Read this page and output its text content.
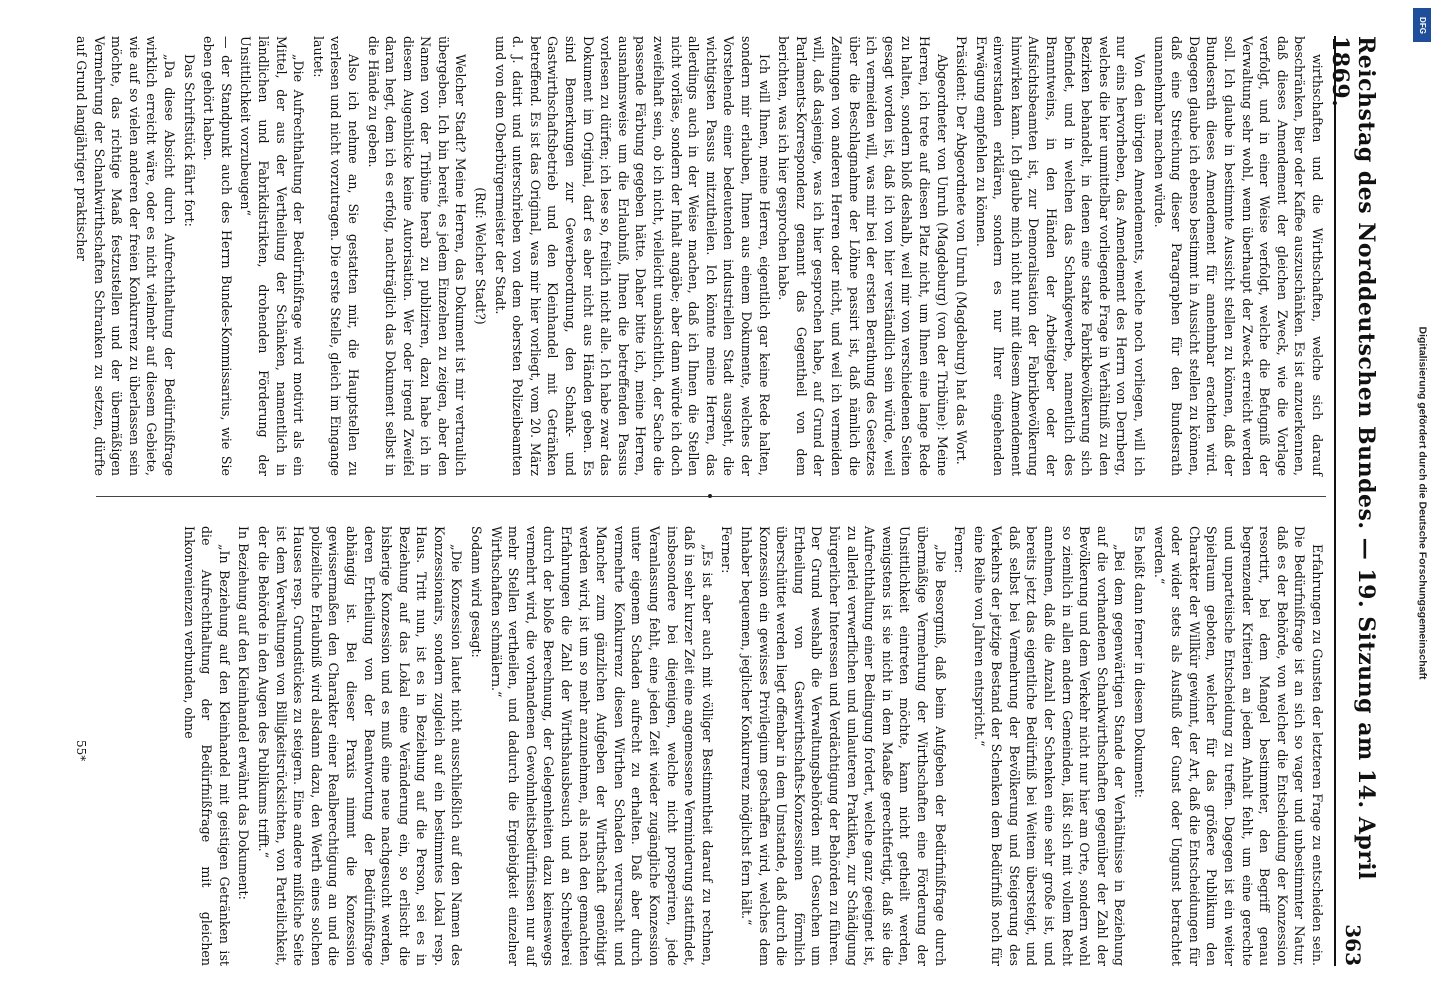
Reichstag des Norddeutschen Bundes. — 19. Sitzung am 14. April 1869.
363

wirthschaften und die Wirthschaften, welche sich darauf beschränken, Bier oder Kaffee auszuschänken. Es ist anzuerkennen, daß dieses Amendement der gleichen Zweck, wie die Vorlage verfolgt, und in einer Weise verfolgt, welche die Befugniß der Verwaltung sehr wohl, wenn überhaupt der Zweck erreicht werden soll. Ich glaube in bestimmte Aussicht stellen zu können, daß der Bundesrath dieses Amendement für annehmbar erachten wird. Dagegen glaube ich ebenso bestimmt in Aussicht stellen zu können, daß eine Streichung dieser Paragraphen für den Bundesrath unannehmbar machen würde.

Von den übrigen Amendements, welche noch vorliegen, will ich nur eins hervorheben, das Amendement des Herrn von Dernberg, welches die hier unmittelbar vorliegende Frage in Verhältniß zu den Bezirken behandelt, in denen eine starke Fabrikbevölkerung sich befindet, und in welchen das Schankgewerbe, namentlich des Branntweins, in den Händen der Arbeitgeber oder der Aufsichtsbeamten ist, zur Demoralisation der Fabrikbevölkerung hinwirken kann. Ich glaube mich nicht nur mit diesem Amendement einverstanden erklären, sondern es nur Ihrer eingehenden Erwägung empfehlen zu können.

Präsident: Der Abgeordnete von Unruh (Magdeburg) hat das Wort.

Abgeordneter von Unruh (Magdeburg) (von der Tribüne): Meine Herren, ich trete auf diesen Platz nicht, um Ihnen eine lange Rede zu halten, sondern bloß deshalb, weil mir von verschiedenen Seiten gesagt worden ist, daß ich von hier verständlich sein würde, weil ich vermeiden will, was mir bei der ersten Berathung des Gesetzes über die Beschlagnahme der Löhne passirt ist, daß nämlich die Zeitungen von anderen Herren oder nicht, und weil ich vermeiden will, daß dasjenige, was ich hier gesprochen habe, auf Grund der Parlaments-Korrespondenz genannt das Gegentheil von dem berichten, was ich hier gesprochen habe.

Ich will Ihnen, meine Herren, eigentlich gar keine Rede halten, sondern mir erlauben, Ihnen aus einem Dokumente, welches der Vorstehende einer bedeutenden industriellen Stadt ausgeht, die wichtigsten Passus mitzutheilen. Ich könnte meine Herren, das allerdings auch in der Weise machen, daß ich Ihnen die Stellen nicht vorläse, sondern der Inhalt angäbe; aber dann würde ich doch zweifelhaft sein, ob ich nicht, vielleicht unabsichtlich, der Sache die passende Färbung gegeben hätte. Daher bitte ich, meine Herren, ausnahmsweise um die Erlaubniß, Ihnen die betreffenden Passus vorlesen zu dürfen; ich lese so, freilich nicht alle. Ich habe zwar das Dokument im Original, darf es aber nicht aus Händen geben. Es sind Bemerkungen zur Gewerbeordnung, den Schank- und Gastwirthschaftsbetrieb und den Kleinhandel mit Getränken betreffend. Es ist das Original, was mir hier vorliegt, vom 20. März d. J. datirt und unterschrieben von dem obersten Polizeibeamten und von dem Oberbürgermeister der Stadt.

(Ruf: Welcher Stadt?)

Welcher Stadt? Meine Herren, das Dokument ist mir vertraulich übergeben. Ich bin bereit, es jedem Einzelnen zu zeigen, aber den Namen von der Tribüne herab zu publiziren, dazu habe ich in diesem Augenblicke keine Autorisation. Wer oder irgend Zweifel daran hegt, dem ich es erfolg, nachträglich das Dokument selbst in die Hände zu geben.

Also ich nehme an, Sie gestatten mir, die Hauptstellen zu verlesen und nicht vorzutragen. Die erste Stelle, gleich im Eingange lautet:

„Die Aufrechthaltung der Bedürfnißfrage wird motivirt als ein Mittel, der aus der Vertheilung der Schänken, namentlich in ländlichen und Fabrikdistrikten, drohenden Förderung der Unsittlichkeit vorzubeugen“

— der Standpunkt auch des Herrn Bundes-Kommissarius, wie Sie eben gehört haben.

Das Schriftstück fährt fort:

„Da diese Absicht durch Aufrechthaltung der Bedürfnißfrage wirklich erreicht wäre, oder es nicht vielmehr auf diesem Gebiete, wie auf so vielen anderen der freien Konkurrenz zu überlassen sein möchte, das richtige Maaß festzustellen und der übermäßigen Vermehrung der Schankwirthschaften Schranken zu setzen, dürfte auf Grund langjähriger praktischer

Erfahrungen zu Gunsten der letzteren Frage zu entscheiden sein. Die Bedürfnißfrage ist an sich so vager und unbestimmter Natur, daß es der Behörde, von welcher die Entscheidung der Konzession resortirt, bei dem Mangel bestimmter, den Begriff genau begrenzender Kriterien an jedem Anhalt fehlt, um eine gerechte und unparteiische Entscheidung zu treffen. Dagegen ist ein weiter Spielraum geboten, welcher für das größere Publikum den Charakter der Willkür gewinnt, der Art, daß die Entscheidungen für oder wider stets als Ausfluß der Gunst oder Ungunst betrachtet werden.“

Es heißt dann ferner in diesem Dokument:

„Bei dem gegenwärtigen Stande der Verhältnisse in Beziehung auf die vorhandenen Schankwirthschaften gegenüber der Zahl der Bevölkerung und dem Verkehr nicht nur hier am Orte, sondern wohl so ziemlich in allen andern Gemeinden, läßt sich mit vollem Recht annehmen, daß die Anzahl der Schenken eine sehr große ist, und bereits jetzt das eigentliche Bedürfniß bei Weitem übersteigt, und daß selbst bei Vermehrung der Bevölkerung und Steigerung des Verkehrs der jetzige Bestand der Schenken dem Bedürfniß noch für eine Reihe von Jahren entspricht.“

Ferner:

„Die Besorgniß, daß beim Aufgeben der Bedürfnißfrage durch übermäßige Vermehrung der Wirthschaften eine Förderung der Unsittlichkeit eintreten möchte, kann nicht getheilt werden, wenigstens ist sie nicht in dem Maaße gerechtfertigt, daß sie die Aufrechthaltung einer Bedingung fordert, welche ganz geeignet ist, zu allerlei verwerflichen und unlauteren Praktiken, zur Schädigung bürgerlicher Interessen und Verdächtigung der Behörden zu führen. Der Grund weshalb die Verwaltungsbehörden mit Gesuchen um Ertheilung von Gastwirthschafts-Konzessionen förmlich überschüttet werden liegt offenbar in dem Umstande, daß durch die Konzession ein gewisses Privilegium geschaffen wird, welches dem Inhaber bequemen, jeglicher Konkurrenz möglichst fern hält.“

Ferner:

„Es ist aber auch mit völliger Bestimmtheit darauf zu rechnen, daß in sehr kurzer Zeit eine angemessene Verminderung stattfindet, insbesondere bei diejenigen, welche nicht prosperiren, jede Veranlassung fehlt, eine jeden Zeit wieder zugängliche Konzession unter eigenem Schaden aufrecht zu erhalten. Daß aber durch vermehrte Konkurrenz diesen Wirthen Schaden verursacht und Mancher zum gänzlichen Aufgeben der Wirthschaft genöthigt werden wird, ist um so mehr anzunehmen, als nach den gemachten Erfahrungen die Zahl der Wirthshausbesuch und an Schreiberei durch der bloße Berechnung, der Gelegenheiten dazu keineswegs vermehrt wird, die vorhandenen Gewohnheitsbedürfnissen nur auf mehr Stellen vertheilen, und dadurch die Ergiebigkeit einzelner Wirthschaften schmälern.“

Sodann wird gesagt:

„Die Konzession lautet nicht ausschließlich auf den Namen des Konzessionairs, sondern zugleich auf ein bestimmtes Lokal resp. Haus. Tritt nun, ist es in Beziehung auf die Person, sei es in Beziehung auf das Lokal eine Veränderung ein, so erlischt die bisherige Konzession und es muß eine neue nachgesucht werden, deren Ertheilung von der Beantwortung der Bedürfnißfrage abhängig ist. Bei dieser Praxis nimmt die Konzession gewissermaßen den Charakter einer Realberechtigung an und die polizeiliche Erlaubniß wird alsdann dazu, den Werth eines solchen Hauses resp. Grundstückes zu steigern. Eine andere mißliche Seite ist dem Verwaltungen von Billigkeitsrücksichten, von Parteilichkeit, der die Behörde in den Augen des Publikums trifft.“

In Beziehung auf den Kleinhandel erwähnt das Dokument:

„In Beziehung auf den Kleinhandel mit geistigen Getränken ist die Aufrechthaltung der Bedürfnißfrage mit gleichen Inkonvenienzen verbunden, ohne

55*
Digitalisierung gefördert durch die Deutsche Forschungsgemeinschaft
DFG
